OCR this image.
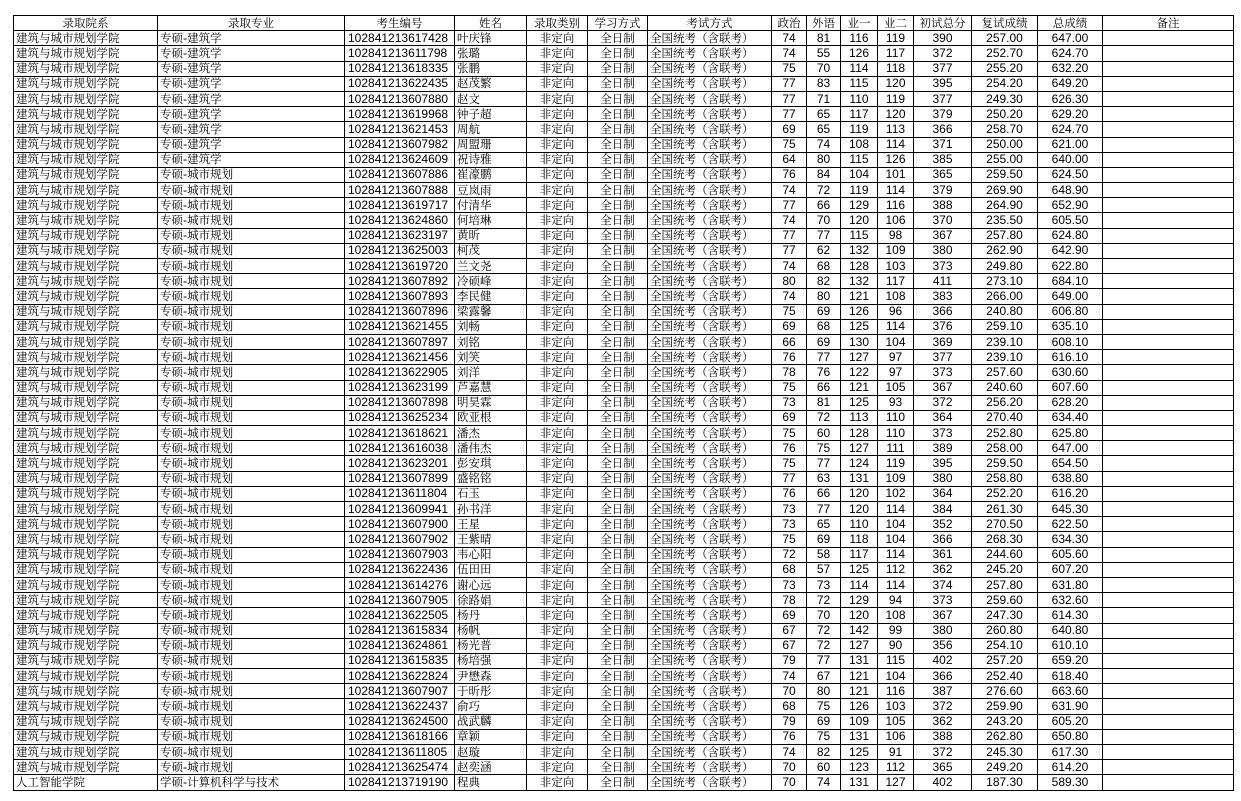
录取院系	录取专业	考生编号	姓名	录取类别	学习方式	考试方式	政治	外语	业一	业二	初试总分	复试成绩	总成绩	备注
建筑与城市规划学院	专硕-建筑学	102841213617428	叶庆锋	非定向	全日制	全国统考（含联考）	74	81	116	119	390	257.00	647.00	
建筑与城市规划学院	专硕-建筑学	102841213611798	张璐	非定向	全日制	全国统考（含联考）	74	55	126	117	372	252.70	624.70	
建筑与城市规划学院	专硕-建筑学	102841213618335	张鹏	非定向	全日制	全国统考（含联考）	75	70	114	118	377	255.20	632.20	
建筑与城市规划学院	专硕-建筑学	102841213622435	赵茂繁	非定向	全日制	全国统考（含联考）	77	83	115	120	395	254.20	649.20	
建筑与城市规划学院	专硕-建筑学	102841213607880	赵文	非定向	全日制	全国统考（含联考）	77	71	110	119	377	249.30	626.30	
建筑与城市规划学院	专硕-建筑学	102841213619968	钟子超	非定向	全日制	全国统考（含联考）	77	65	117	120	379	250.20	629.20	
建筑与城市规划学院	专硕-建筑学	102841213621453	周航	非定向	全日制	全国统考（含联考）	69	65	119	113	366	258.70	624.70	
建筑与城市规划学院	专硕-建筑学	102841213607982	周盟珊	非定向	全日制	全国统考（含联考）	75	74	108	114	371	250.00	621.00	
建筑与城市规划学院	专硕-建筑学	102841213624609	祝诗雅	非定向	全日制	全国统考（含联考）	64	80	115	126	385	255.00	640.00	
建筑与城市规划学院	专硕-城市规划	102841213607886	崔濠鹏	非定向	全日制	全国统考（含联考）	76	84	104	101	365	259.50	624.50	
建筑与城市规划学院	专硕-城市规划	102841213607888	豆岚雨	非定向	全日制	全国统考（含联考）	74	72	119	114	379	269.90	648.90	
建筑与城市规划学院	专硕-城市规划	102841213619717	付清华	非定向	全日制	全国统考（含联考）	77	66	129	116	388	264.90	652.90	
建筑与城市规划学院	专硕-城市规划	102841213624860	何培琳	非定向	全日制	全国统考（含联考）	74	70	120	106	370	235.50	605.50	
建筑与城市规划学院	专硕-城市规划	102841213623197	黄昕	非定向	全日制	全国统考（含联考）	77	77	115	98	367	257.80	624.80	
建筑与城市规划学院	专硕-城市规划	102841213625003	柯茂	非定向	全日制	全国统考（含联考）	77	62	132	109	380	262.90	642.90	
建筑与城市规划学院	专硕-城市规划	102841213619720	兰文尧	非定向	全日制	全国统考（含联考）	74	68	128	103	373	249.80	622.80	
建筑与城市规划学院	专硕-城市规划	102841213607892	冷硕峰	非定向	全日制	全国统考（含联考）	80	82	132	117	411	273.10	684.10	
建筑与城市规划学院	专硕-城市规划	102841213607893	李民健	非定向	全日制	全国统考（含联考）	74	80	121	108	383	266.00	649.00	
建筑与城市规划学院	专硕-城市规划	102841213607896	梁露馨	非定向	全日制	全国统考（含联考）	75	69	126	96	366	240.80	606.80	
建筑与城市规划学院	专硕-城市规划	102841213621455	刘畅	非定向	全日制	全国统考（含联考）	69	68	125	114	376	259.10	635.10	
建筑与城市规划学院	专硕-城市规划	102841213607897	刘铭	非定向	全日制	全国统考（含联考）	66	69	130	104	369	239.10	608.10	
建筑与城市规划学院	专硕-城市规划	102841213621456	刘笑	非定向	全日制	全国统考（含联考）	76	77	127	97	377	239.10	616.10	
建筑与城市规划学院	专硕-城市规划	102841213622905	刘洋	非定向	全日制	全国统考（含联考）	78	76	122	97	373	257.60	630.60	
建筑与城市规划学院	专硕-城市规划	102841213623199	芦嘉慧	非定向	全日制	全国统考（含联考）	75	66	121	105	367	240.60	607.60	
建筑与城市规划学院	专硕-城市规划	102841213607898	明昊霖	非定向	全日制	全国统考（含联考）	73	81	125	93	372	256.20	628.20	
建筑与城市规划学院	专硕-城市规划	102841213625234	欧亚根	非定向	全日制	全国统考（含联考）	69	72	113	110	364	270.40	634.40	
建筑与城市规划学院	专硕-城市规划	102841213618621	潘杰	非定向	全日制	全国统考（含联考）	75	60	128	110	373	252.80	625.80	
建筑与城市规划学院	专硕-城市规划	102841213616038	潘伟杰	非定向	全日制	全国统考（含联考）	76	75	127	111	389	258.00	647.00	
建筑与城市规划学院	专硕-城市规划	102841213623201	彭安琪	非定向	全日制	全国统考（含联考）	75	77	124	119	395	259.50	654.50	
建筑与城市规划学院	专硕-城市规划	102841213607899	盛铭铭	非定向	全日制	全国统考（含联考）	77	63	131	109	380	258.80	638.80	
建筑与城市规划学院	专硕-城市规划	102841213611804	石玉	非定向	全日制	全国统考（含联考）	76	66	120	102	364	252.20	616.20	
建筑与城市规划学院	专硕-城市规划	102841213609941	孙书洋	非定向	全日制	全国统考（含联考）	73	77	120	114	384	261.30	645.30	
建筑与城市规划学院	专硕-城市规划	102841213607900	王星	非定向	全日制	全国统考（含联考）	73	65	110	104	352	270.50	622.50	
建筑与城市规划学院	专硕-城市规划	102841213607902	王紫晴	非定向	全日制	全国统考（含联考）	75	69	118	104	366	268.30	634.30	
建筑与城市规划学院	专硕-城市规划	102841213607903	韦心阳	非定向	全日制	全国统考（含联考）	72	58	117	114	361	244.60	605.60	
建筑与城市规划学院	专硕-城市规划	102841213622436	伍田田	非定向	全日制	全国统考（含联考）	68	57	125	112	362	245.20	607.20	
建筑与城市规划学院	专硕-城市规划	102841213614276	谢心远	非定向	全日制	全国统考（含联考）	73	73	114	114	374	257.80	631.80	
建筑与城市规划学院	专硕-城市规划	102841213607905	徐路娟	非定向	全日制	全国统考（含联考）	78	72	129	94	373	259.60	632.60	
建筑与城市规划学院	专硕-城市规划	102841213622505	杨丹	非定向	全日制	全国统考（含联考）	69	70	120	108	367	247.30	614.30	
建筑与城市规划学院	专硕-城市规划	102841213615834	杨帆	非定向	全日制	全国统考（含联考）	67	72	142	99	380	260.80	640.80	
建筑与城市规划学院	专硕-城市规划	102841213624861	杨光普	非定向	全日制	全国统考（含联考）	67	72	127	90	356	254.10	610.10	
建筑与城市规划学院	专硕-城市规划	102841213615835	杨培强	非定向	全日制	全国统考（含联考）	79	77	131	115	402	257.20	659.20	
建筑与城市规划学院	专硕-城市规划	102841213622824	尹懋森	非定向	全日制	全国统考（含联考）	74	67	121	104	366	252.40	618.40	
建筑与城市规划学院	专硕-城市规划	102841213607907	于昕彤	非定向	全日制	全国统考（含联考）	70	80	121	116	387	276.60	663.60	
建筑与城市规划学院	专硕-城市规划	102841213622437	俞巧	非定向	全日制	全国统考（含联考）	68	75	126	103	372	259.90	631.90	
建筑与城市规划学院	专硕-城市规划	102841213624500	战武麟	非定向	全日制	全国统考（含联考）	79	69	109	105	362	243.20	605.20	
建筑与城市规划学院	专硕-城市规划	102841213618166	章颖	非定向	全日制	全国统考（含联考）	76	75	131	106	388	262.80	650.80	
建筑与城市规划学院	专硕-城市规划	102841213611805	赵璇	非定向	全日制	全国统考（含联考）	74	82	125	91	372	245.30	617.30	
建筑与城市规划学院	专硕-城市规划	102841213625474	赵奕涵	非定向	全日制	全国统考（含联考）	70	60	123	112	365	249.20	614.20	
人工智能学院	学硕-计算机科学与技术	102841213719190	程典	非定向	全日制	全国统考（含联考）	70	74	131	127	402	187.30	589.30	
